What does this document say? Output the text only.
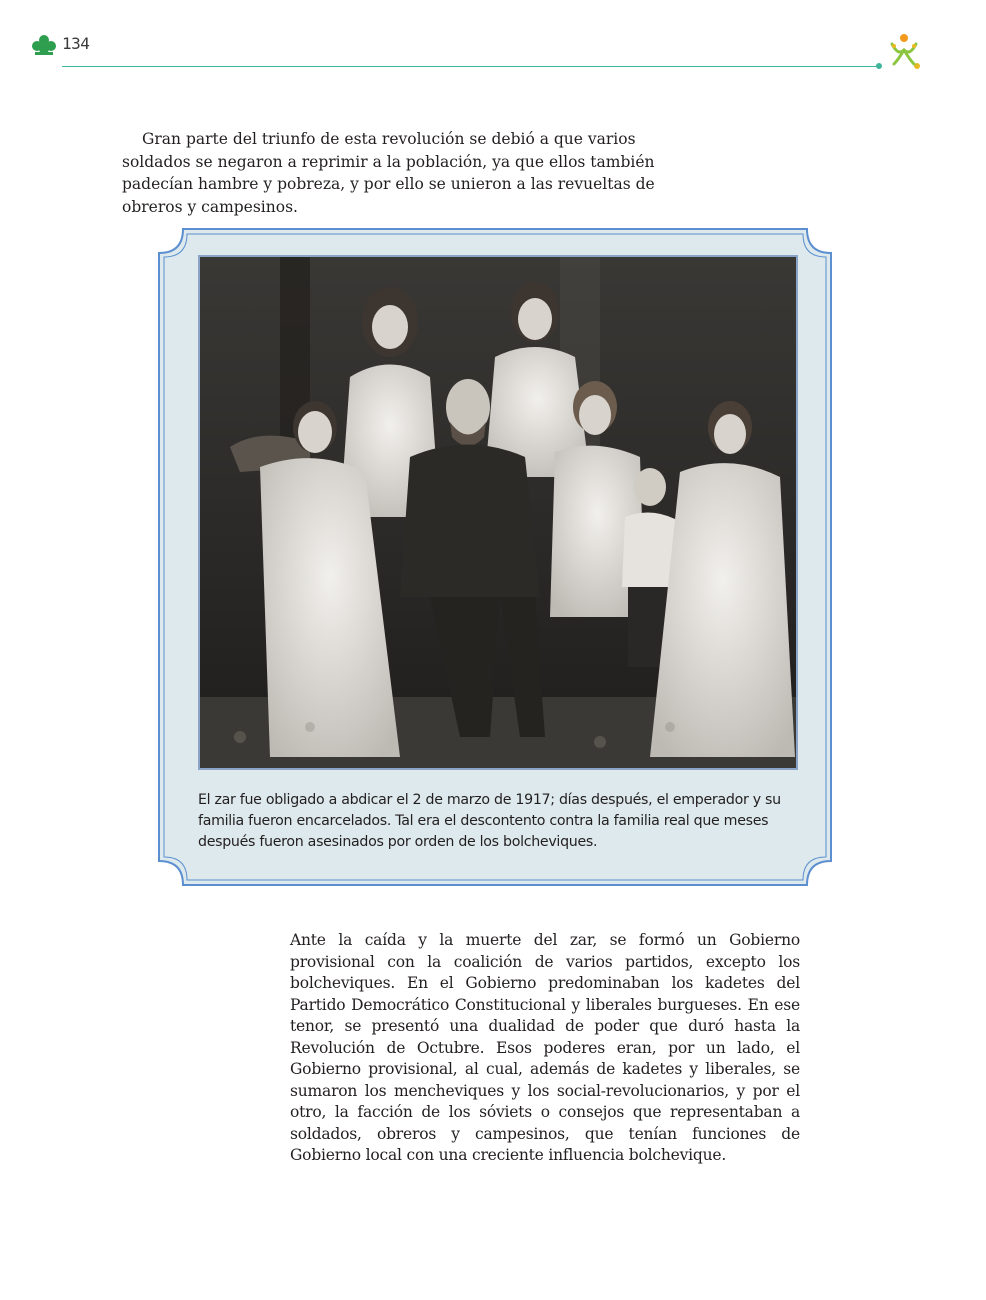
134

Gran parte del triunfo de esta revolución se debió a que varios soldados se negaron a reprimir a la población, ya que ellos también padecían hambre y pobreza, y por ello se unieron a las revueltas de obreros y campesinos.

El zar fue obligado a abdicar el 2 de marzo de 1917; días después, el emperador y su familia fueron encarcelados. Tal era el descontento contra la familia real que meses después fueron asesinados por orden de los bolcheviques.

Ante la caída y la muerte del zar, se formó un Gobierno provisional con la coalición de varios partidos, excepto los bolcheviques. En el Gobierno predominaban los kadetes del Partido Democrático Constitucional y liberales burgueses. En ese tenor, se presentó una dualidad de poder que duró hasta la Revolución de Octubre. Esos poderes eran, por un lado, el Gobierno provisional, al cual, además de kadetes y liberales, se sumaron los mencheviques y los social-revolucionarios, y por el otro, la facción de los sóviets o consejos que representaban a soldados, obreros y campesinos, que tenían funciones de Gobierno local con una creciente influencia bolchevique.
